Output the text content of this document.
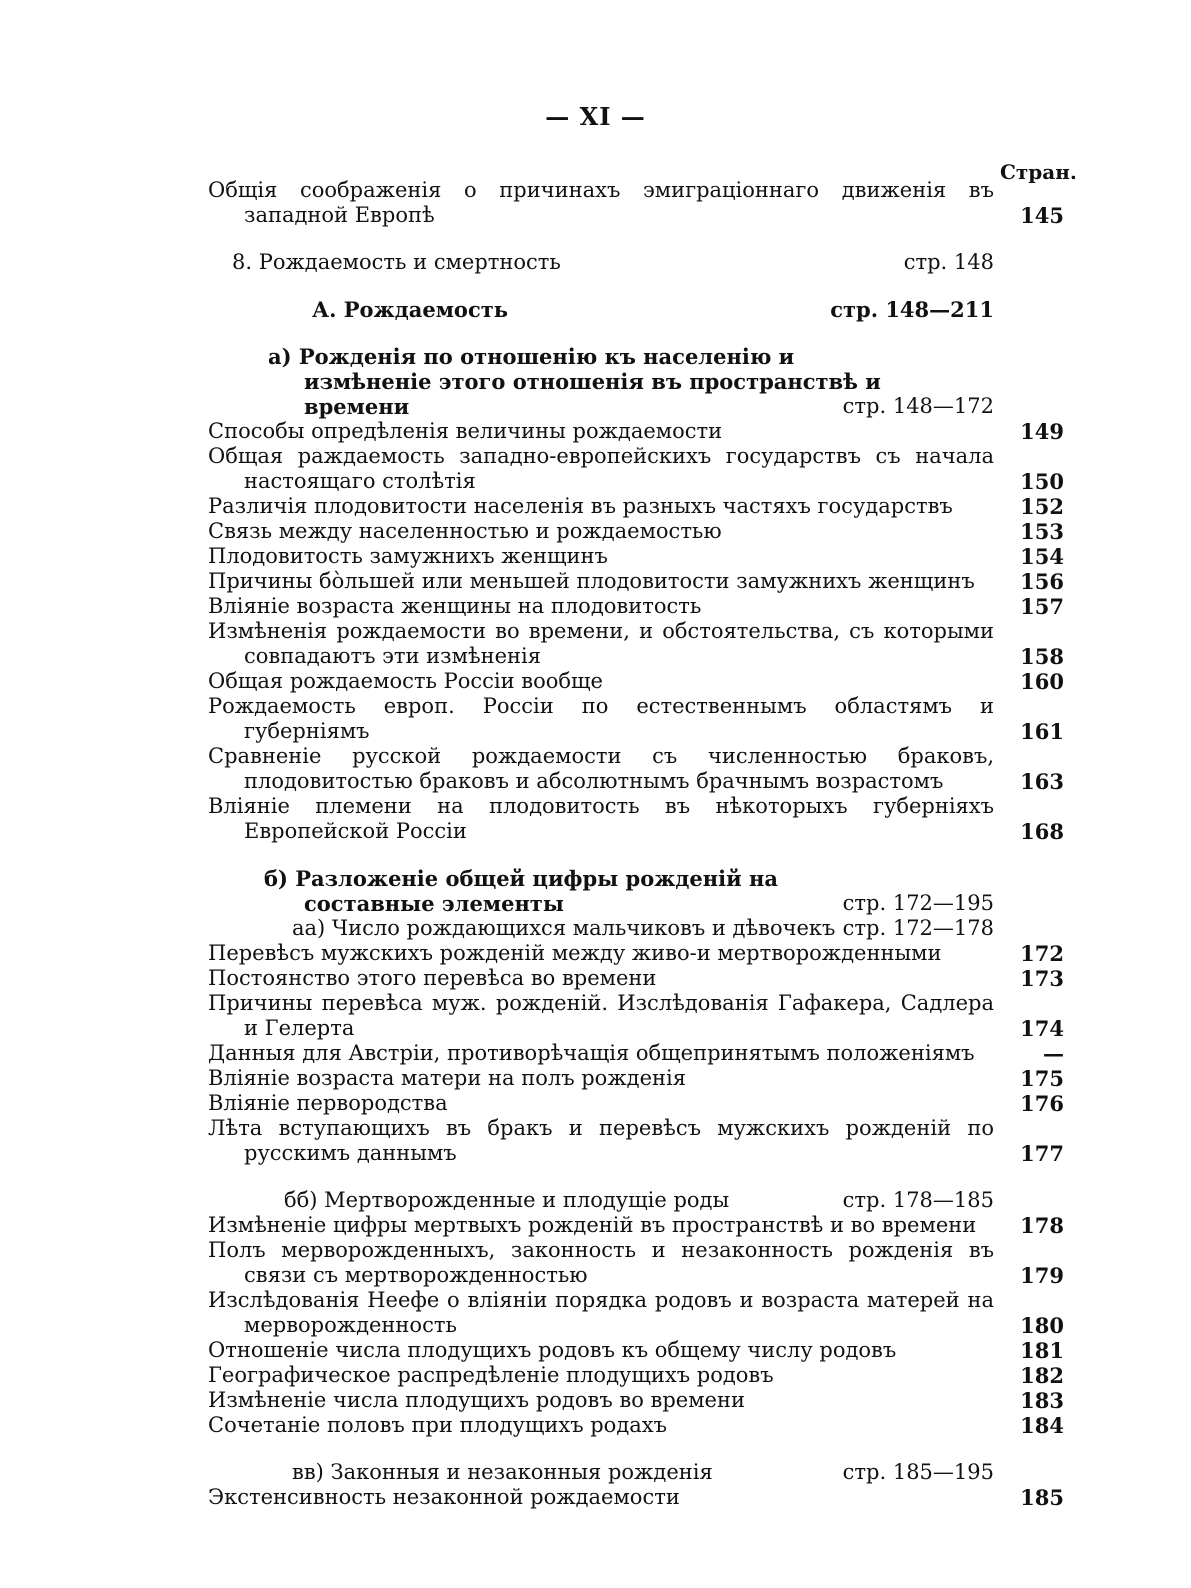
— XI —
Стран.
Общія соображенія о причинахъ эмиграціоннаго движенія въ западной Европѣ	145
8. Рождаемость и смертность	стр. 148
А. Рождаемость	стр. 148—211
а) Рожденія по отношенію къ населенію и измѣненіе этого отношенія въ пространствѣ и времени	стр. 148—172
Способы опредѣленія величины рождаемости	149
Общая раждаемость западно-европейскихъ государствъ съ начала настоящаго столѣтія	150
Различія плодовитости населенія въ разныхъ частяхъ государствъ	152
Связь между населенностью и рождаемостью	153
Плодовитость замужнихъ женщинъ	154
Причины бòльшей или меньшей плодовитости замужнихъ женщинъ	156
Вліяніе возраста женщины на плодовитость	157
Измѣненія рождаемости во времени, и обстоятельства, съ которыми совпадаютъ эти измѣненія	158
Общая рождаемость Россіи вообще	160
Рождаемость европ. Россіи по естественнымъ областямъ и губерніямъ	161
Сравненіе русской рождаемости съ численностью браковъ, плодовитостью браковъ и абсолютнымъ брачнымъ возрастомъ	163
Вліяніе племени на плодовитость въ нѣкоторыхъ губерніяхъ Европейской Россіи	168
б) Разложеніе общей цифры рожденій на составные элементы	стр. 172—195
аа) Число рождающихся мальчиковъ и дѣвочекъ стр. 172—178
Перевѣсъ мужскихъ рожденій между живо-и мертворожденными	172
Постоянство этого перевѣса во времени	173
Причины перевѣса муж. рожденій. Изслѣдованія Гафакера, Садлера и Гелерта	174
Данныя для Австріи, противорѣчащія общепринятымъ положеніямъ	—
Вліяніе возраста матери на полъ рожденія	175
Вліяніе первородства	176
Лѣта вступающихъ въ бракъ и перевѣсъ мужскихъ рожденій по русскимъ даннымъ	177
бб) Мертворожденные и плодущіе роды	стр. 178—185
Измѣненіе цифры мертвыхъ рожденій въ пространствѣ и во времени	178
Полъ мерворожденныхъ, законность и незаконность рожденія въ связи съ мертворожденностью	179
Изслѣдованія Неефе о вліяніи порядка родовъ и возраста матерей на мерворожденность	180
Отношеніе числа плодущихъ родовъ къ общему числу родовъ	181
Географическое распредѣленіе плодущихъ родовъ	182
Измѣненіе числа плодущихъ родовъ во времени	183
Сочетаніе половъ при плодущихъ родахъ	184
вв) Законныя и незаконныя рожденія	стр. 185—195
Экстенсивность незаконной рождаемости	185
